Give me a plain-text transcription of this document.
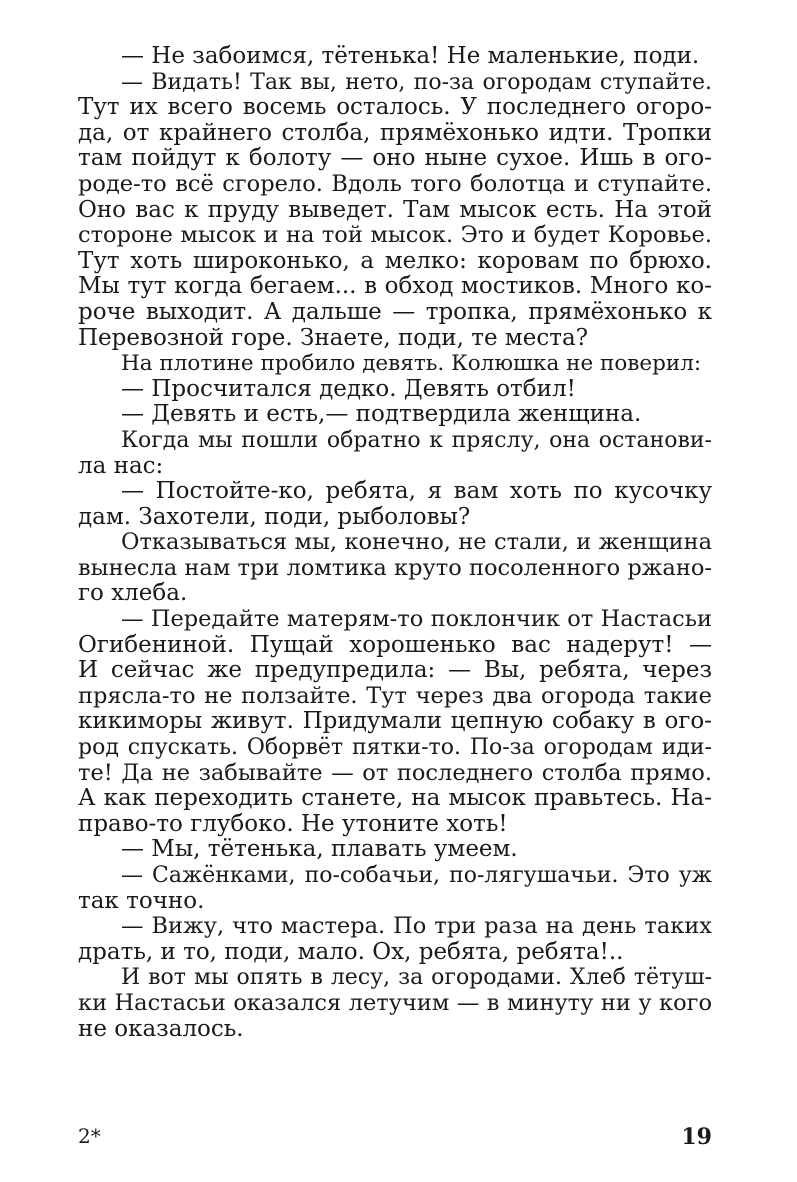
— Не забоимся, тётенька! Не маленькие, поди.

— Видать! Так вы, нето, по-за огородам ступайте.
Тут их всего восемь осталось. У последнего огоро-
да, от крайнего столба, прямёхонько идти. Тропки
там пойдут к болоту — оно ныне сухое. Ишь в ого-
роде-то всё сгорело. Вдоль того болотца и ступайте.
Оно вас к пруду выведет. Там мысок есть. На этой
стороне мысок и на той мысок. Это и будет Коровье.
Тут хоть широконько, а мелко: коровам по брюхо.
Мы тут когда бегаем... в обход мостиков. Много ко-
роче выходит. А дальше — тропка, прямёхонько к
Перевозной горе. Знаете, поди, те места?

На плотине пробило девять. Колюшка не поверил:

— Просчитался дедко. Девять отбил!

— Девять и есть,— подтвердила женщина.

Когда мы пошли обратно к пряслу, она останови-
ла нас:

— Постойте-ко, ребята, я вам хоть по кусочку
дам. Захотели, поди, рыболовы?

Отказываться мы, конечно, не стали, и женщина
вынесла нам три ломтика круто посоленного ржано-
го хлеба.

— Передайте матерям-то поклончик от Настасьи
Огибениной. Пущай хорошенько вас надерут! —
И сейчас же предупредила: — Вы, ребята, через
прясла-то не ползайте. Тут через два огорода такие
кикиморы живут. Придумали цепную собаку в ого-
род спускать. Оборвёт пятки-то. По-за огородам иди-
те! Да не забывайте — от последнего столба прямо.
А как переходить станете, на мысок правьтесь. На-
право-то глубоко. Не утоните хоть!

— Мы, тётенька, плавать умеем.

— Сажёнками, по-собачьи, по-лягушачьи. Это уж
так точно.

— Вижу, что мастера. По три раза на день таких
драть, и то, поди, мало. Ох, ребята, ребята!..

И вот мы опять в лесу, за огородами. Хлеб тётуш-
ки Настасьи оказался летучим — в минуту ни у кого
не оказалось.

2*	19
